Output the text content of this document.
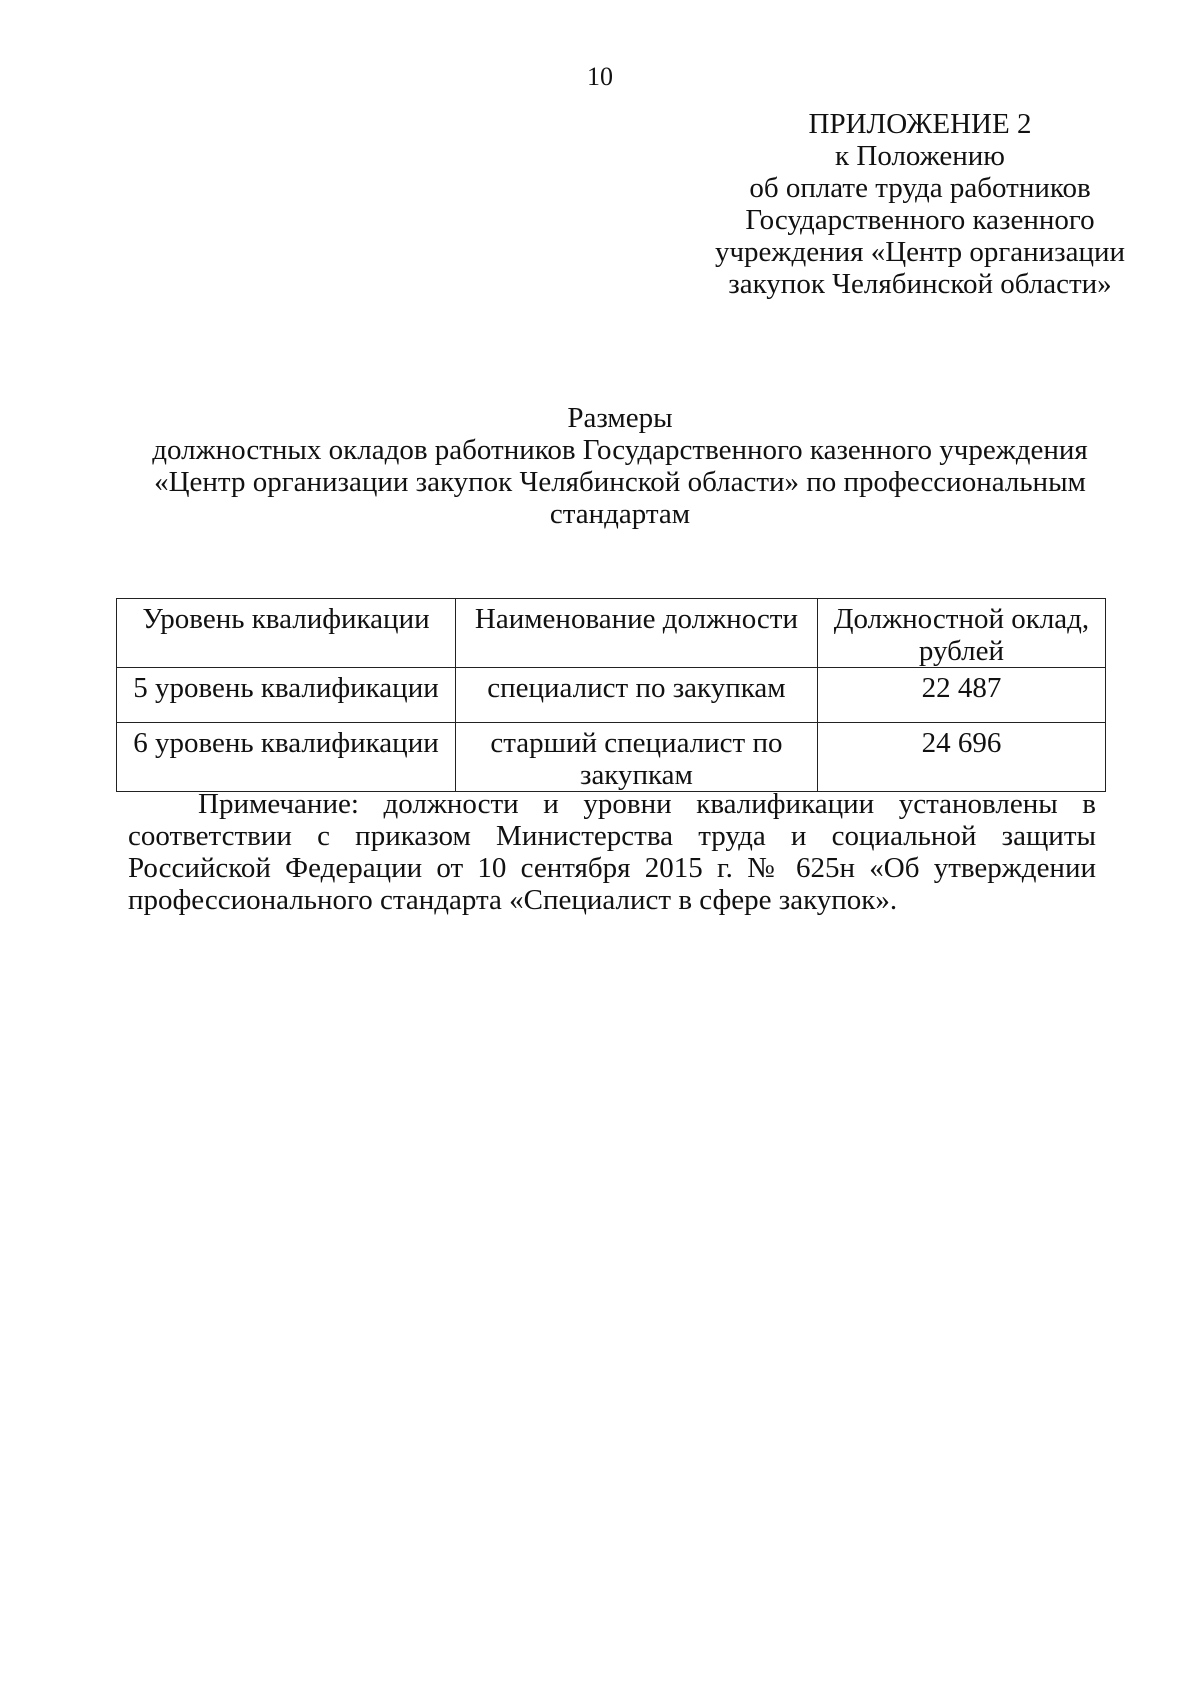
10
ПРИЛОЖЕНИЕ 2
к Положению
об оплате труда работников
Государственного казенного
учреждения «Центр организации
закупок Челябинской области»
Размеры
должностных окладов работников Государственного казенного учреждения
«Центр организации закупок Челябинской области» по профессиональным
стандартам
Уровень квалификации	Наименование должности	Должностной оклад, рублей
5 уровень квалификации	специалист по закупкам	22 487
6 уровень квалификации	старший специалист по закупкам	24 696

Примечание: должности и уровни квалификации установлены в соответствии с приказом Министерства труда и социальной защиты Российской Федерации от 10 сентября 2015 г. № 625н «Об утверждении профессионального стандарта «Специалист в сфере закупок».
